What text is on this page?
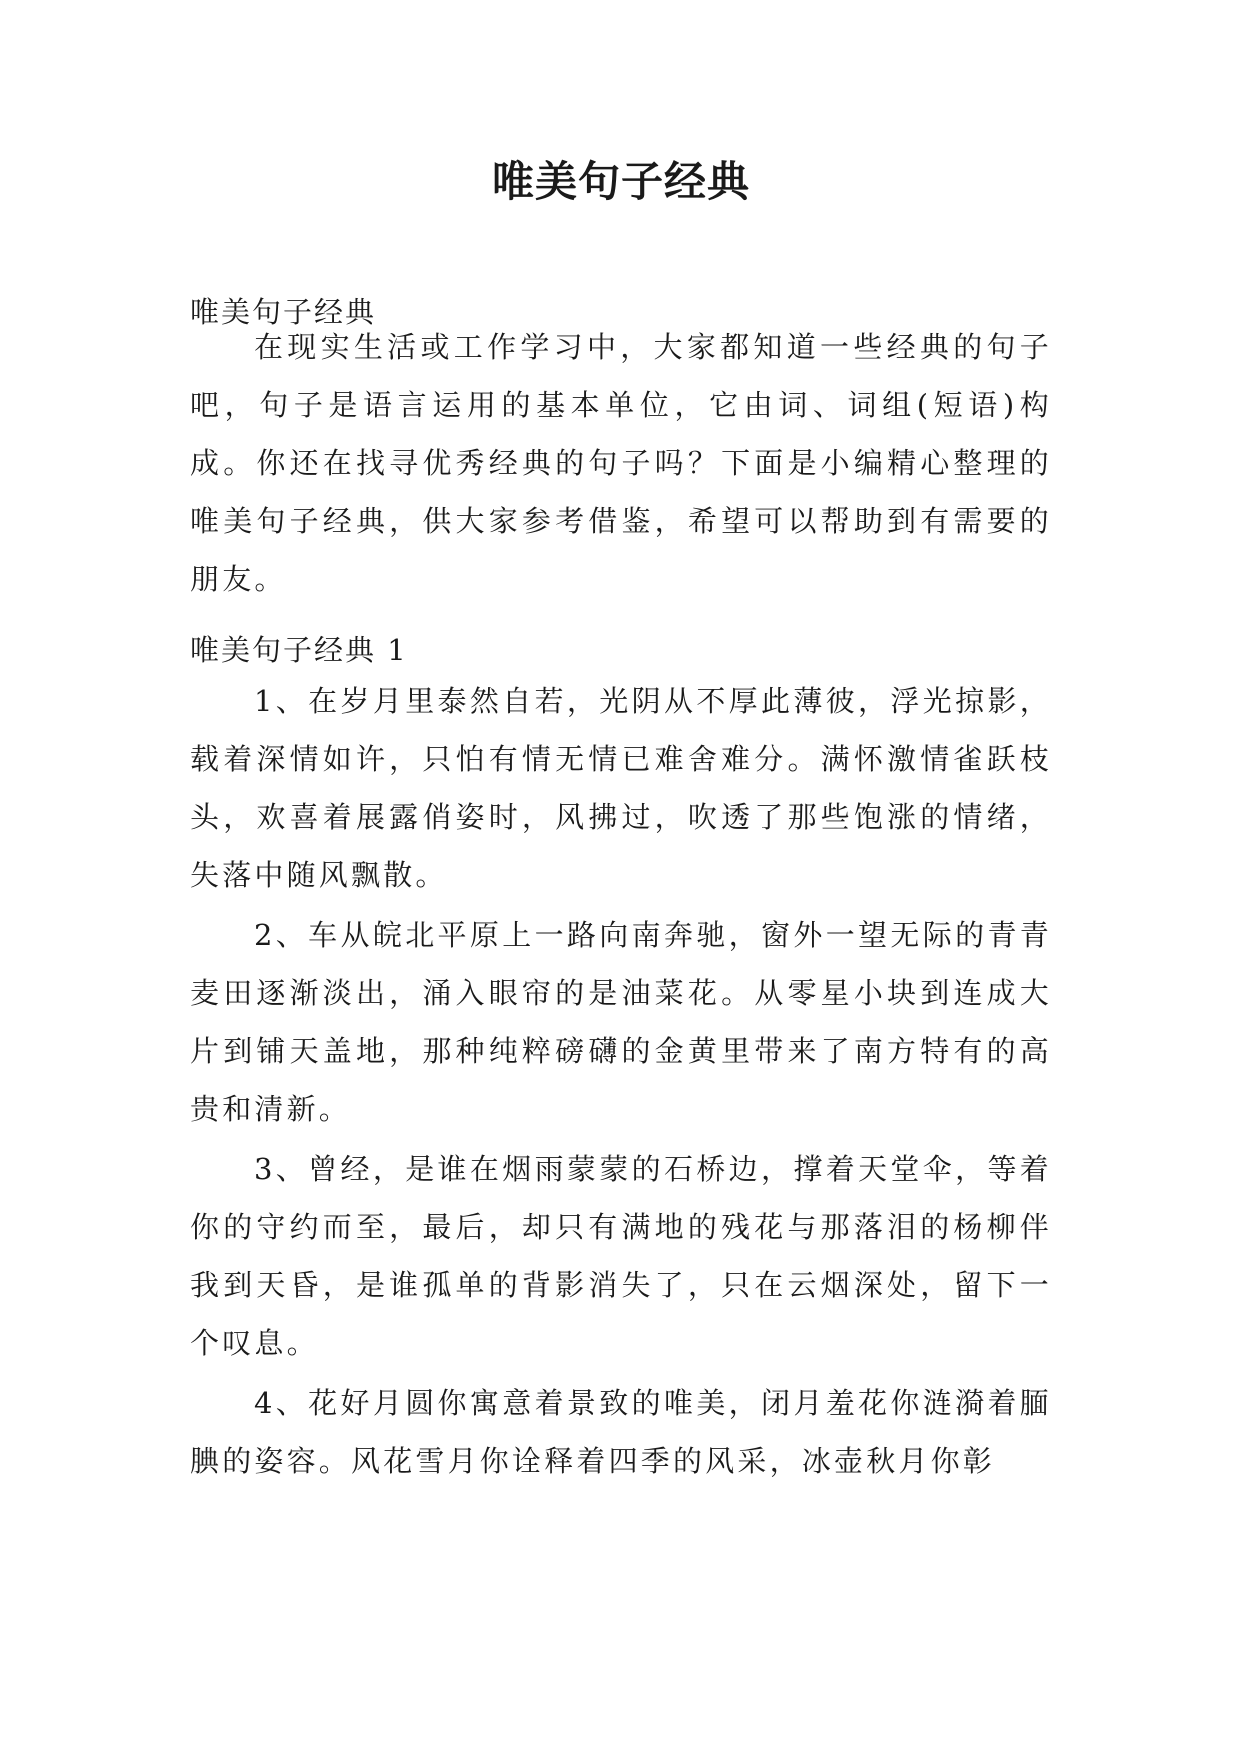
唯美句子经典
唯美句子经典

在现实生活或工作学习中，大家都知道一些经典的句子吧，句子是语言运用的基本单位，它由词、词组(短语)构成。你还在找寻优秀经典的句子吗？下面是小编精心整理的唯美句子经典，供大家参考借鉴，希望可以帮助到有需要的朋友。

唯美句子经典 1

1、在岁月里泰然自若，光阴从不厚此薄彼，浮光掠影，载着深情如许，只怕有情无情已难舍难分。满怀激情雀跃枝头，欢喜着展露俏姿时，风拂过，吹透了那些饱涨的情绪，失落中随风飘散。

2、车从皖北平原上一路向南奔驰，窗外一望无际的青青麦田逐渐淡出，涌入眼帘的是油菜花。从零星小块到连成大片到铺天盖地，那种纯粹磅礴的金黄里带来了南方特有的高贵和清新。

3、曾经，是谁在烟雨蒙蒙的石桥边，撑着天堂伞，等着你的守约而至，最后，却只有满地的残花与那落泪的杨柳伴我到天昏，是谁孤单的背影消失了，只在云烟深处，留下一个叹息。

4、花好月圆你寓意着景致的唯美，闭月羞花你涟漪着腼腆的姿容。风花雪月你诠释着四季的风采，冰壶秋月你彰
